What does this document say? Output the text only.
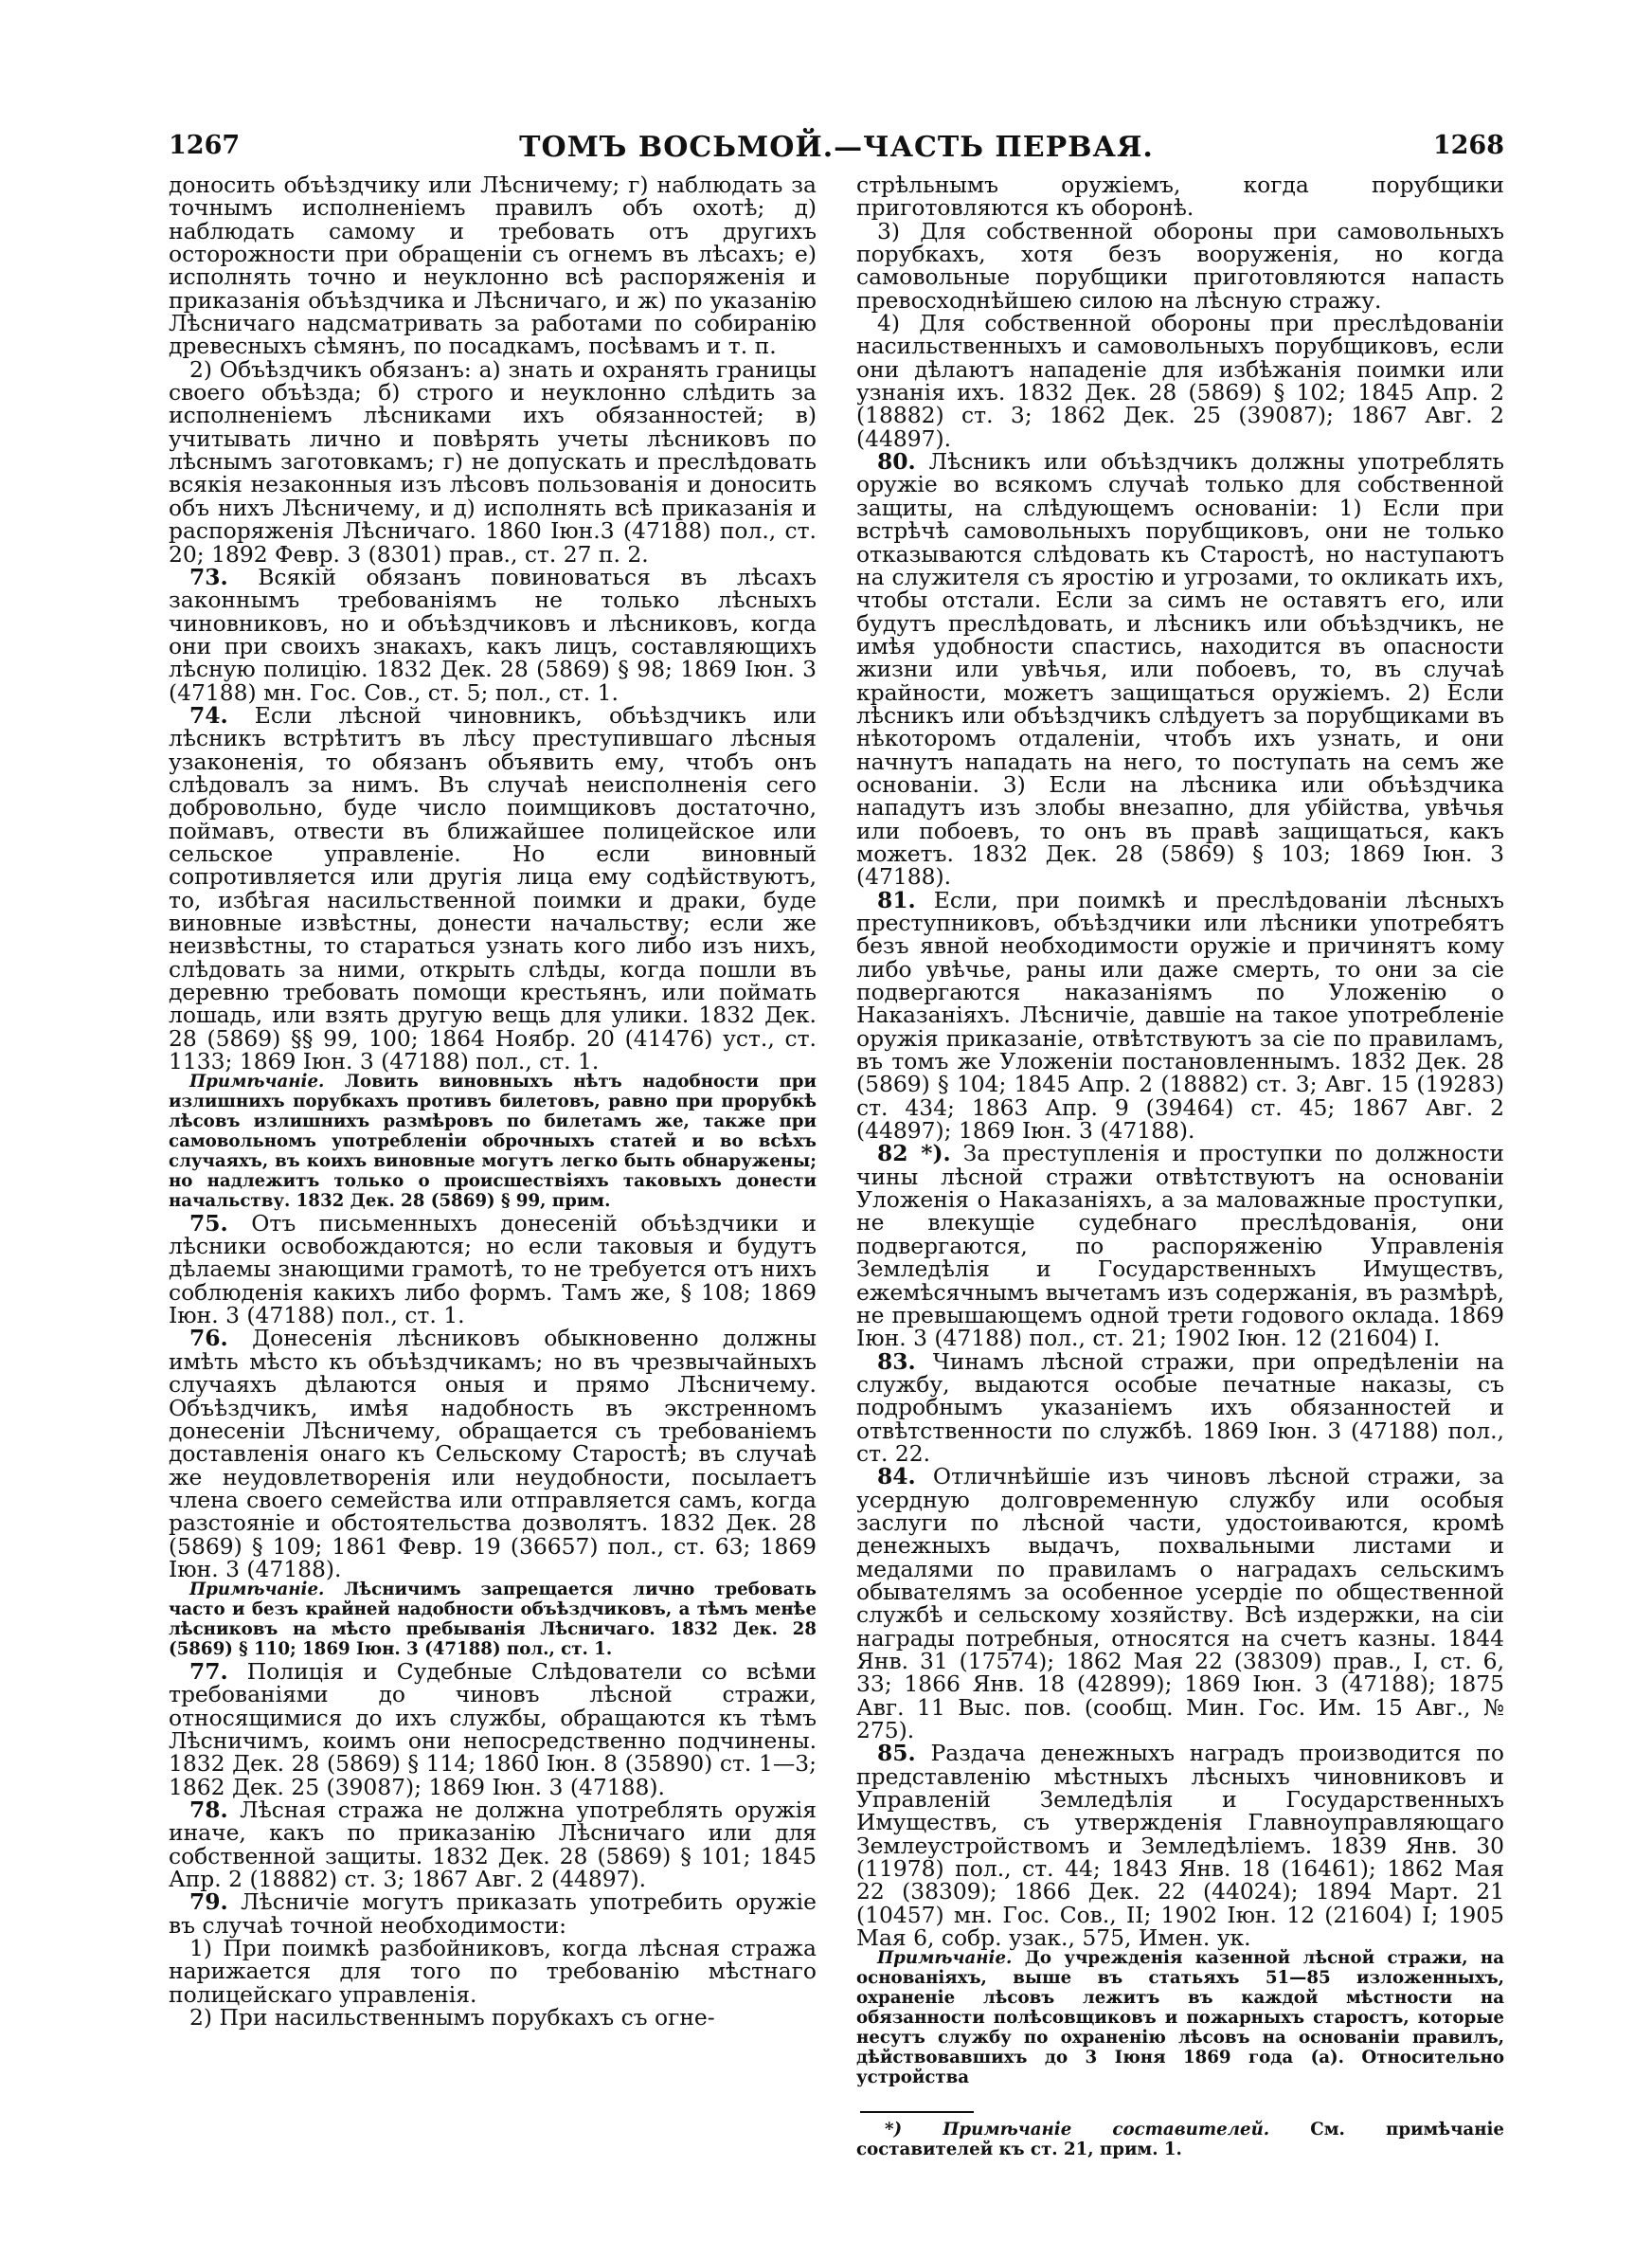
1267	ТОМЪ ВОСЬМОЙ.—ЧАСТЬ ПЕРВАЯ.	1268

доносить объѣздчику или Лѣсничему; г) наблюдать за точнымъ исполненіемъ правилъ объ охотѣ; д) наблюдать самому и требовать отъ другихъ осторожности при обращеніи съ огнемъ въ лѣсахъ; е) исполнять точно и неуклонно всѣ распоряженія и приказанія объѣздчика и Лѣсничаго, и ж) по указанію Лѣсничаго надсматривать за работами по собиранію древесныхъ сѣмянъ, по посадкамъ, посѣвамъ и т. п.

2) Объѣздчикъ обязанъ: а) знать и охранять границы своего объѣзда; б) строго и неуклонно слѣдить за исполненіемъ лѣсниками ихъ обязанностей; в) учитывать лично и повѣрять учеты лѣсниковъ по лѣснымъ заготовкамъ; г) не допускать и преслѣдовать всякія незаконныя изъ лѣсовъ пользованія и доносить объ нихъ Лѣсничему, и д) исполнять всѣ приказанія и распоряженія Лѣсничаго. 1860 Іюн.3 (47188) пол., ст. 20; 1892 Февр. 3 (8301) прав., ст. 27 п. 2.

73. Всякій обязанъ повиноваться въ лѣсахъ законнымъ требованіямъ не только лѣсныхъ чиновниковъ, но и объѣздчиковъ и лѣсниковъ, когда они при своихъ знакахъ, какъ лицъ, составляющихъ лѣсную полицію. 1832 Дек. 28 (5869) § 98; 1869 Іюн. 3 (47188) мн. Гос. Сов., ст. 5; пол., ст. 1.

74. Если лѣсной чиновникъ, объѣздчикъ или лѣсникъ встрѣтитъ въ лѣсу преступившаго лѣсныя узаконенія, то обязанъ объявить ему, чтобъ онъ слѣдовалъ за нимъ. Въ случаѣ неисполненія сего добровольно, буде число поимщиковъ достаточно, поймавъ, отвести въ ближайшее полицейское или сельское управленіе. Но если виновный сопротивляется или другія лица ему содѣйствуютъ, то, избѣгая насильственной поимки и драки, буде виновные извѣстны, донести начальству; если же неизвѣстны, то стараться узнать кого либо изъ нихъ, слѣдовать за ними, открыть слѣды, когда пошли въ деревню требовать помощи крестьянъ, или поймать лошадь, или взять другую вещь для улики. 1832 Дек. 28 (5869) §§ 99, 100; 1864 Ноябр. 20 (41476) уст., ст. 1133; 1869 Іюн. 3 (47188) пол., ст. 1.

Примѣчаніе. Ловить виновныхъ нѣтъ надобности при излишнихъ порубкахъ противъ билетовъ, равно при прорубкѣ лѣсовъ излишнихъ размѣровъ по билетамъ же, также при самовольномъ употребленіи оброчныхъ статей и во всѣхъ случаяхъ, въ коихъ виновные могутъ легко быть обнаружены; но надлежитъ только о происшествіяхъ таковыхъ донести начальству. 1832 Дек. 28 (5869) § 99, прим.

75. Отъ письменныхъ донесеній объѣздчики и лѣсники освобождаются; но если таковыя и будутъ дѣлаемы знающими грамотѣ, то не требуется отъ нихъ соблюденія какихъ либо формъ. Тамъ же, § 108; 1869 Іюн. 3 (47188) пол., ст. 1.

76. Донесенія лѣсниковъ обыкновенно должны имѣть мѣсто къ объѣздчикамъ; но въ чрезвычайныхъ случаяхъ дѣлаются оныя и прямо Лѣсничему. Объѣздчикъ, имѣя надобность въ экстренномъ донесеніи Лѣсничему, обращается съ требованіемъ доставленія онаго къ Сельскому Старостѣ; въ случаѣ же неудовлетворенія или неудобности, посылаетъ члена своего семейства или отправляется самъ, когда разстояніе и обстоятельства дозволятъ. 1832 Дек. 28 (5869) § 109; 1861 Февр. 19 (36657) пол., ст. 63; 1869 Іюн. 3 (47188).

Примѣчаніе. Лѣсничимъ запрещается лично требовать часто и безъ крайней надобности объѣздчиковъ, а тѣмъ менѣе лѣсниковъ на мѣсто пребыванія Лѣсничаго. 1832 Дек. 28 (5869) § 110; 1869 Іюн. 3 (47188) пол., ст. 1.

77. Полиція и Судебные Слѣдователи со всѣми требованіями до чиновъ лѣсной стражи, относящимися до ихъ службы, обращаются къ тѣмъ Лѣсничимъ, коимъ они непосредственно подчинены. 1832 Дек. 28 (5869) § 114; 1860 Іюн. 8 (35890) ст. 1—3; 1862 Дек. 25 (39087); 1869 Іюн. 3 (47188).

78. Лѣсная стража не должна употреблять оружія иначе, какъ по приказанію Лѣсничаго или для собственной защиты. 1832 Дек. 28 (5869) § 101; 1845 Апр. 2 (18882) ст. 3; 1867 Авг. 2 (44897).

79. Лѣсничіе могутъ приказать употребить оружіе въ случаѣ точной необходимости:

1) При поимкѣ разбойниковъ, когда лѣсная стража нарижается для того по требованію мѣстнаго полицейскаго управленія.

2) При насильственнымъ порубкахъ съ огне-

стрѣльнымъ оружіемъ, когда порубщики приготовляются къ оборонѣ.

3) Для собственной обороны при самовольныхъ порубкахъ, хотя безъ вооруженія, но когда самовольные порубщики приготовляются напасть превосходнѣйшею силою на лѣсную стражу.

4) Для собственной обороны при преслѣдованіи насильственныхъ и самовольныхъ порубщиковъ, если они дѣлаютъ нападеніе для избѣжанія поимки или узнанія ихъ. 1832 Дек. 28 (5869) § 102; 1845 Апр. 2 (18882) ст. 3; 1862 Дек. 25 (39087); 1867 Авг. 2 (44897).

80. Лѣсникъ или объѣздчикъ должны употреблять оружіе во всякомъ случаѣ только для собственной защиты, на слѣдующемъ основаніи: 1) Если при встрѣчѣ самовольныхъ порубщиковъ, они не только отказываются слѣдовать къ Старостѣ, но наступаютъ на служителя съ яростію и угрозами, то окликать ихъ, чтобы отстали. Если за симъ не оставятъ его, или будутъ преслѣдовать, и лѣсникъ или объѣздчикъ, не имѣя удобности спастись, находится въ опасности жизни или увѣчья, или побоевъ, то, въ случаѣ крайности, можетъ защищаться оружіемъ. 2) Если лѣсникъ или объѣздчикъ слѣдуетъ за порубщиками въ нѣкоторомъ отдаленіи, чтобъ ихъ узнать, и они начнутъ нападать на него, то поступать на семъ же основаніи. 3) Если на лѣсника или объѣздчика нападутъ изъ злобы внезапно, для убійства, увѣчья или побоевъ, то онъ въ правѣ защищаться, какъ можетъ. 1832 Дек. 28 (5869) § 103; 1869 Іюн. 3 (47188).

81. Если, при поимкѣ и преслѣдованіи лѣсныхъ преступниковъ, объѣздчики или лѣсники употребятъ безъ явной необходимости оружіе и причинятъ кому либо увѣчье, раны или даже смерть, то они за сіе подвергаются наказаніямъ по Уложенію о Наказаніяхъ. Лѣсничіе, давшіе на такое употребленіе оружія приказаніе, отвѣтствуютъ за сіе по правиламъ, въ томъ же Уложеніи постановленнымъ. 1832 Дек. 28 (5869) § 104; 1845 Апр. 2 (18882) ст. 3; Авг. 15 (19283) ст. 434; 1863 Апр. 9 (39464) ст. 45; 1867 Авг. 2 (44897); 1869 Іюн. 3 (47188).

82 *). За преступленія и проступки по должности чины лѣсной стражи отвѣтствуютъ на основаніи Уложенія о Наказаніяхъ, а за маловажные проступки, не влекущіе судебнаго преслѣдованія, они подвергаются, по распоряженію Управленія Земледѣлія и Государственныхъ Имуществъ, ежемѣсячнымъ вычетамъ изъ содержанія, въ размѣрѣ, не превышающемъ одной трети годового оклада. 1869 Іюн. 3 (47188) пол., ст. 21; 1902 Іюн. 12 (21604) I.

83. Чинамъ лѣсной стражи, при опредѣленіи на службу, выдаются особые печатные наказы, съ подробнымъ указаніемъ ихъ обязанностей и отвѣтственности по службѣ. 1869 Іюн. 3 (47188) пол., ст. 22.

84. Отличнѣйшіе изъ чиновъ лѣсной стражи, за усердную долговременную службу или особыя заслуги по лѣсной части, удостоиваются, кромѣ денежныхъ выдачъ, похвальными листами и медалями по правиламъ о наградахъ сельскимъ обывателямъ за особенное усердіе по общественной службѣ и сельскому хозяйству. Всѣ издержки, на сіи награды потребныя, относятся на счетъ казны. 1844 Янв. 31 (17574); 1862 Мая 22 (38309) прав., I, ст. 6, 33; 1866 Янв. 18 (42899); 1869 Іюн. 3 (47188); 1875 Авг. 11 Выс. пов. (сообщ. Мин. Гос. Им. 15 Авг., № 275).

85. Раздача денежныхъ наградъ производится по представленію мѣстныхъ лѣсныхъ чиновниковъ и Управленій Земледѣлія и Государственныхъ Имуществъ, съ утвержденія Главноуправляющаго Землеустройствомъ и Земледѣліемъ. 1839 Янв. 30 (11978) пол., ст. 44; 1843 Янв. 18 (16461); 1862 Мая 22 (38309); 1866 Дек. 22 (44024); 1894 Март. 21 (10457) мн. Гос. Сов., II; 1902 Іюн. 12 (21604) I; 1905 Мая 6, собр. узак., 575, Имен. ук.

Примѣчаніе. До учрежденія казенной лѣсной стражи, на основаніяхъ, выше въ статьяхъ 51—85 изложенныхъ, охраненіе лѣсовъ лежитъ въ каждой мѣстности на обязанности полѣсовщиковъ и пожарныхъ старостъ, которые несутъ службу по охраненію лѣсовъ на основаніи правилъ, дѣйствовавшихъ до 3 Іюня 1869 года (а). Относительно устройства

*) Примѣчаніе составителей. См. примѣчаніе составителей къ ст. 21, прим. 1.
